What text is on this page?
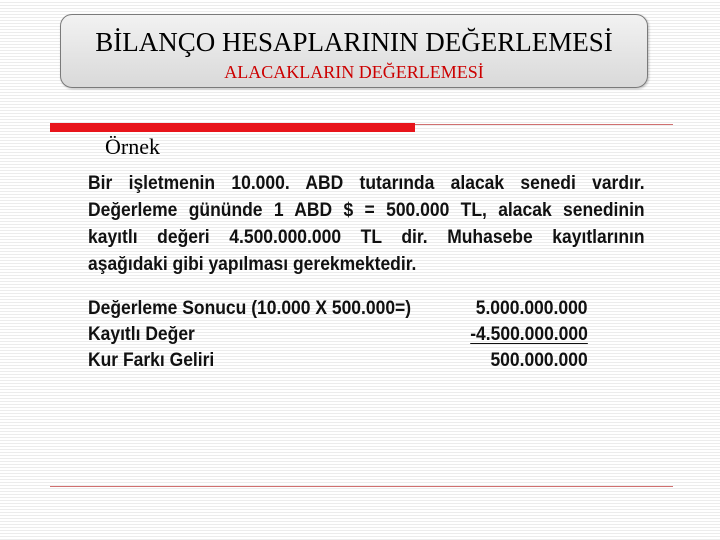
BİLANÇO HESAPLARININ DEĞERLEMESİ
ALACAKLARIN DEĞERLEMESİ
Örnek
Bir işletmenin 10.000. ABD tutarında alacak senedi vardır.
Değerleme gününde 1 ABD $ = 500.000 TL, alacak senedinin
kayıtlı değeri 4.500.000.000 TL dir. Muhasebe kayıtlarının
aşağıdaki gibi yapılması gerekmektedir.
Değerleme Sonucu (10.000 X 500.000=)	5.000.000.000
Kayıtlı Değer	-4.500.000.000
Kur Farkı Geliri	500.000.000
